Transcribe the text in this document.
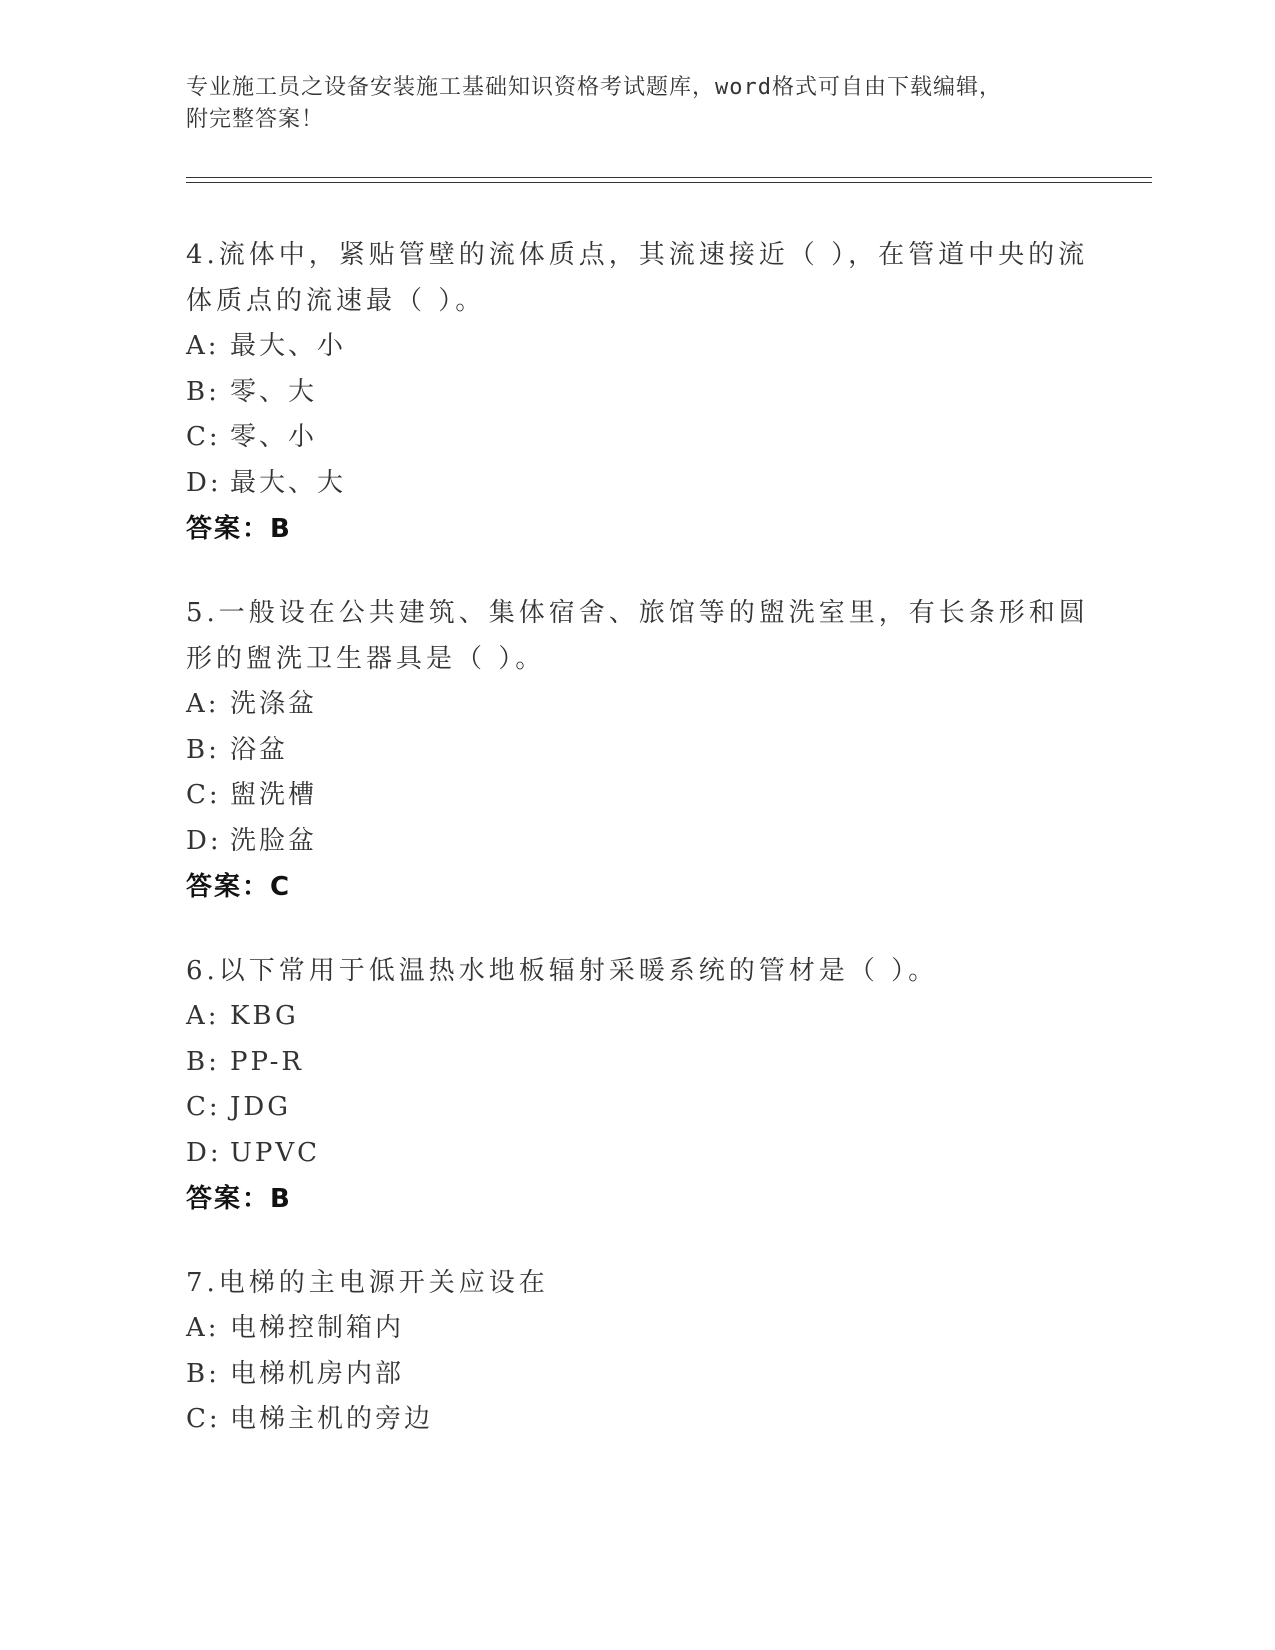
专业施工员之设备安装施工基础知识资格考试题库，word格式可自由下载编辑，
附完整答案！
4.流体中，紧贴管壁的流体质点，其流速接近（ ），在管道中央的流
体质点的流速最（ ）。
A: 最大、小
B: 零、大
C: 零、小
D: 最大、大
答案：B
5.一般设在公共建筑、集体宿舍、旅馆等的盥洗室里，有长条形和圆
形的盥洗卫生器具是（ ）。
A: 洗涤盆
B: 浴盆
C: 盥洗槽
D: 洗脸盆
答案：C
6.以下常用于低温热水地板辐射采暖系统的管材是（ ）。
A: KBG
B: PP-R
C: JDG
D: UPVC
答案：B
7.电梯的主电源开关应设在
A: 电梯控制箱内
B: 电梯机房内部
C: 电梯主机的旁边
